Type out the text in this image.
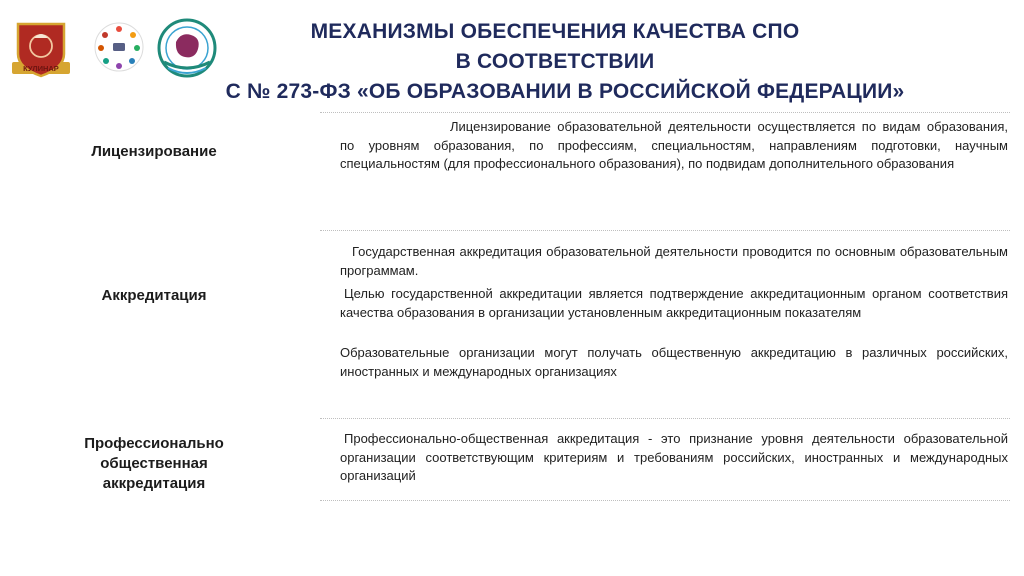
КУЛИНАР
МЕХАНИЗМЫ ОБЕСПЕЧЕНИЯ КАЧЕСТВА СПО
В СООТВЕТСТВИИ
С № 273-ФЗ «ОБ ОБРАЗОВАНИИ В РОССИЙСКОЙ ФЕДЕРАЦИИ»
Лицензирование

Лицензирование образовательной деятельности осуществляется по видам образования, по уровням образования, по профессиям, специальностям, направлениям подготовки, научным специальностям (для профессионального образования), по подвидам дополнительного образования

Аккредитация

Государственная аккредитация образовательной деятельности проводится по основным образовательным программам.

Целью государственной аккредитации является подтверждение аккредитационным органом соответствия качества образования в организации установленным аккредитационным показателям

Образовательные организации могут получать общественную аккредитацию в различных российских, иностранных и международных организациях

Профессионально
общественная
аккредитация

Профессионально-общественная аккредитация - это признание уровня деятельности образовательной организации соответствующим критериям и требованиям российских, иностранных и международных организаций
